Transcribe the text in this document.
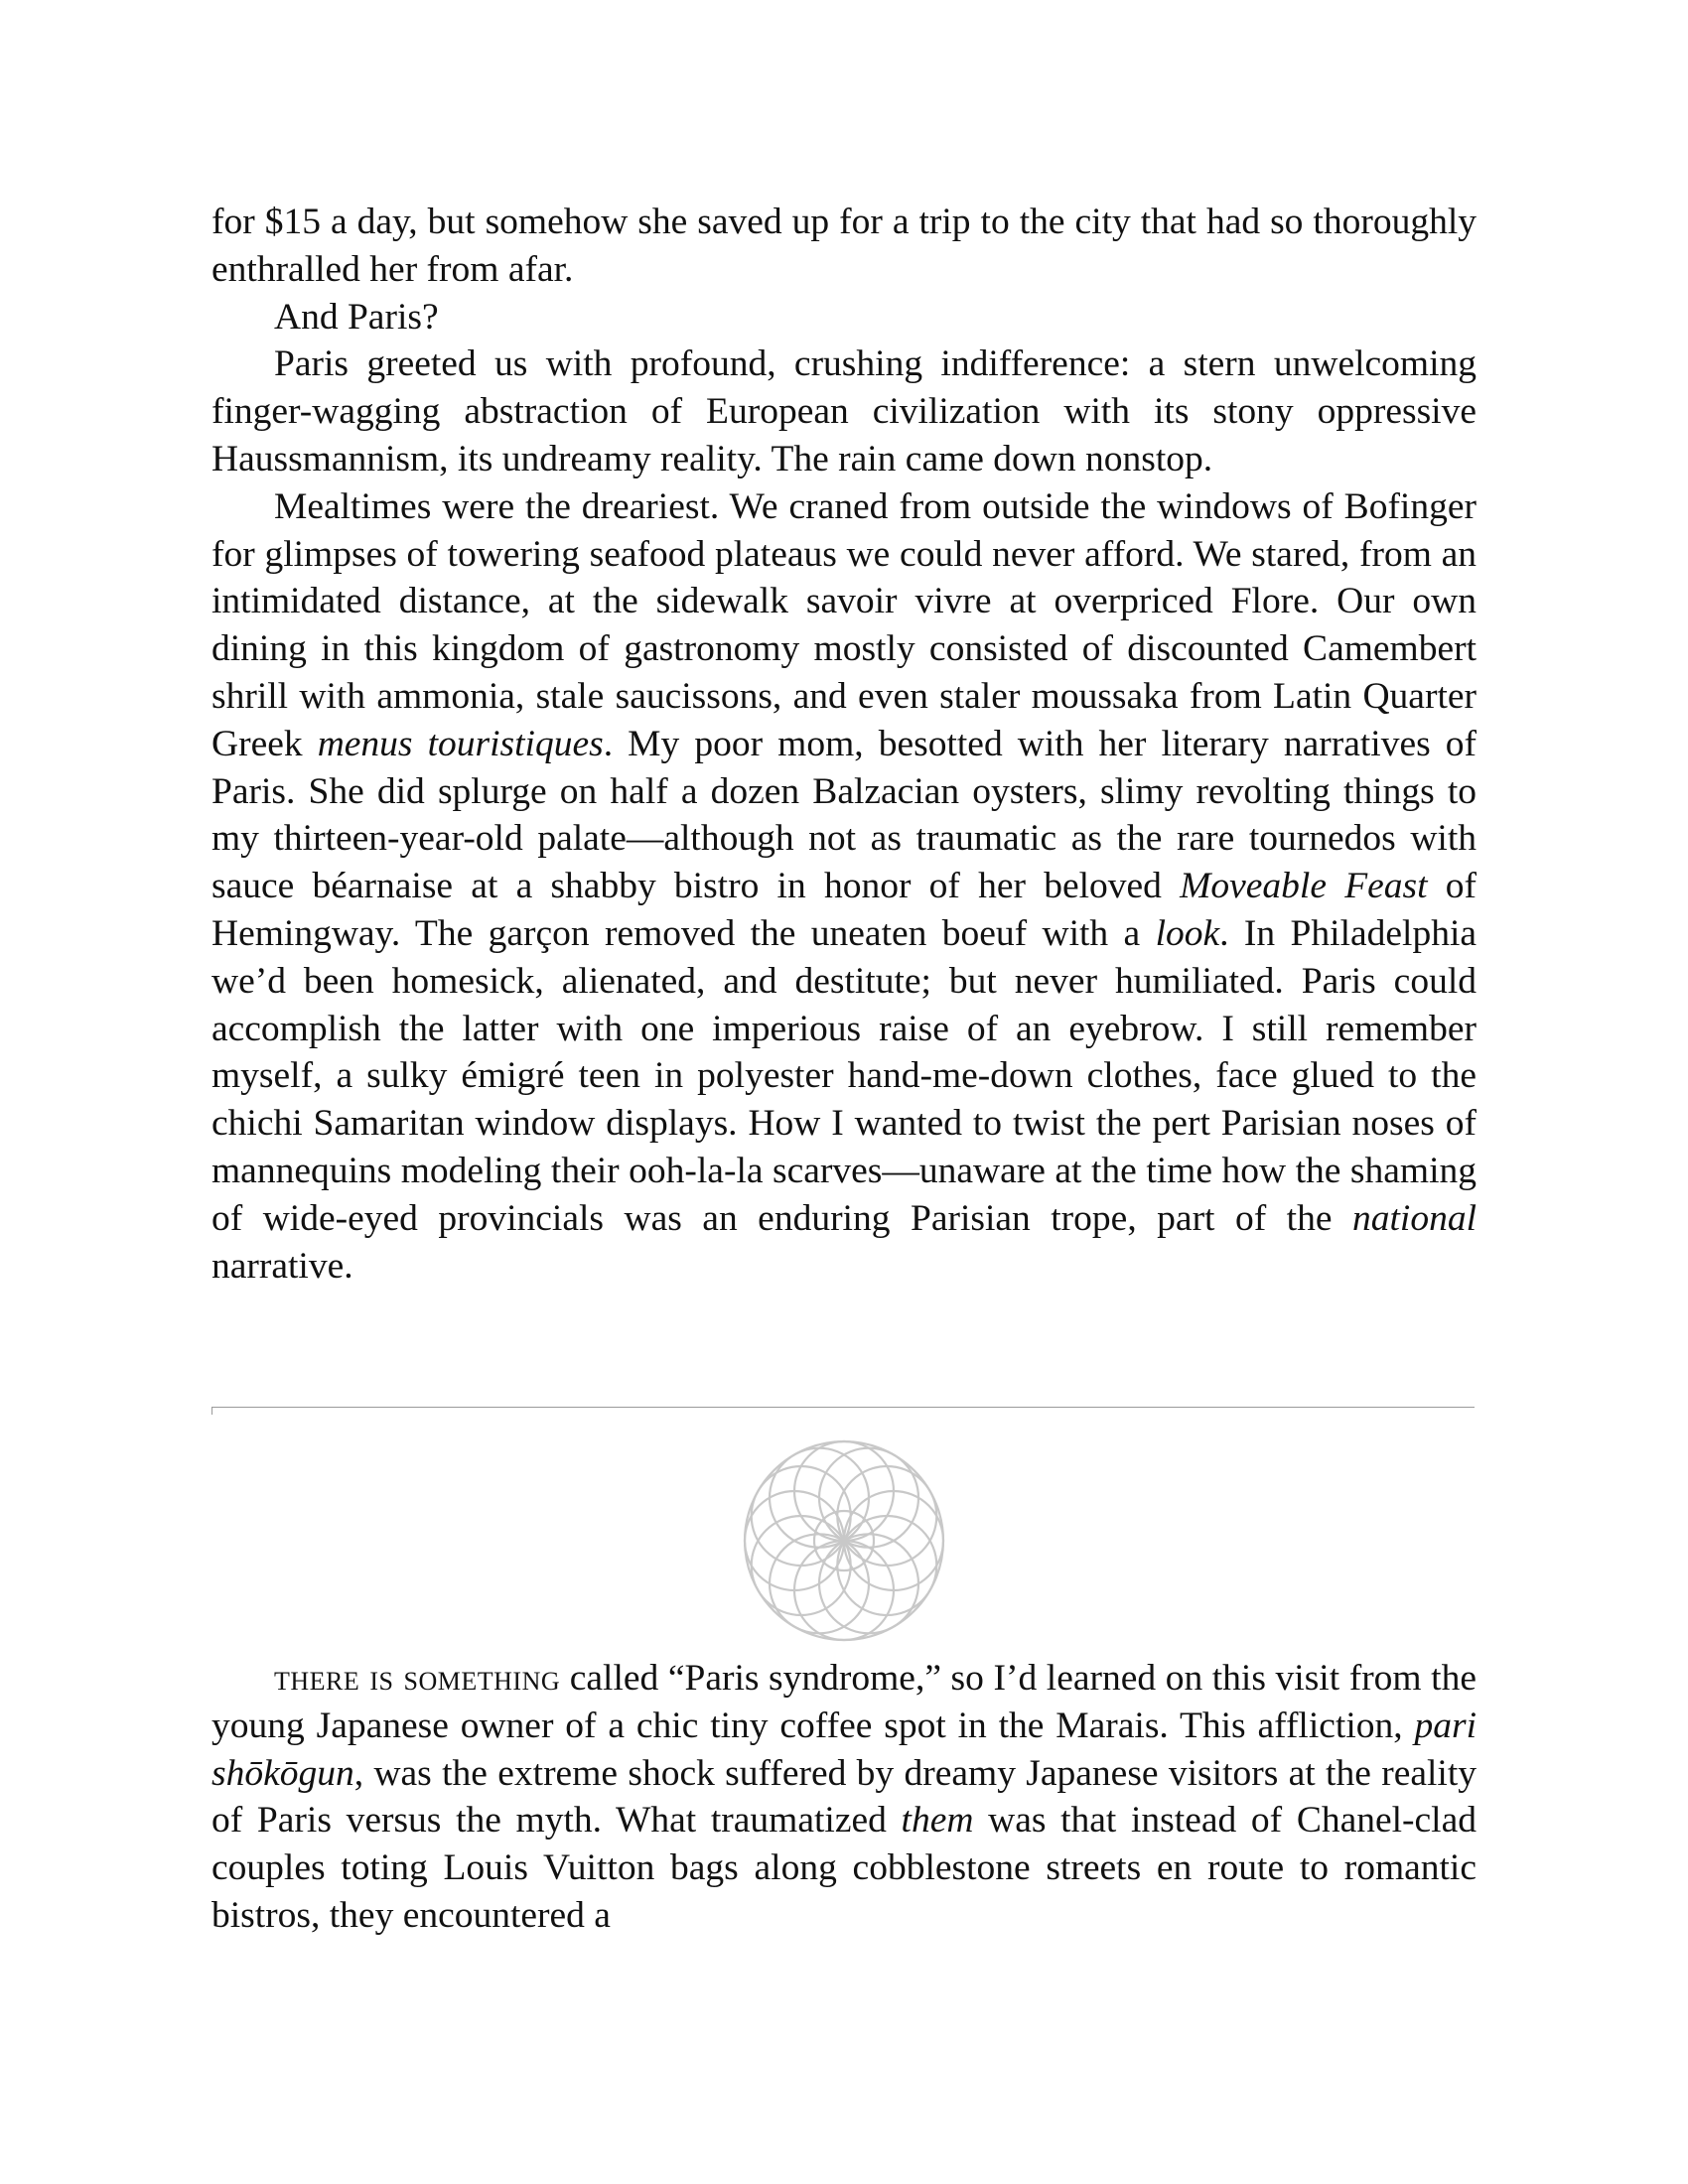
for $15 a day, but somehow she saved up for a trip to the city that had so thoroughly enthralled her from afar.

And Paris?

Paris greeted us with profound, crushing indifference: a stern unwelcoming finger-wagging abstraction of European civilization with its stony oppressive Haussmannism, its undreamy reality. The rain came down nonstop.

Mealtimes were the dreariest. We craned from outside the windows of Bofinger for glimpses of towering seafood plateaus we could never afford. We stared, from an intimidated distance, at the sidewalk savoir vivre at overpriced Flore. Our own dining in this kingdom of gastronomy mostly consisted of discounted Camembert shrill with ammonia, stale saucissons, and even staler moussaka from Latin Quarter Greek menus touristiques. My poor mom, besotted with her literary narratives of Paris. She did splurge on half a dozen Balzacian oysters, slimy revolting things to my thirteen-year-old palate—although not as traumatic as the rare tournedos with sauce béarnaise at a shabby bistro in honor of her beloved Moveable Feast of Hemingway. The garçon removed the uneaten boeuf with a look. In Philadelphia we’d been homesick, alienated, and destitute; but never humiliated. Paris could accomplish the latter with one imperious raise of an eyebrow. I still remember myself, a sulky émigré teen in polyester hand-me-down clothes, face glued to the chichi Samaritan window displays. How I wanted to twist the pert Parisian noses of mannequins modeling their ooh-la-la scarves—unaware at the time how the shaming of wide-eyed provincials was an enduring Parisian trope, part of the national narrative.

there is something called “Paris syndrome,” so I’d learned on this visit from the young Japanese owner of a chic tiny coffee spot in the Marais. This affliction, pari shōkōgun, was the extreme shock suffered by dreamy Japanese visitors at the reality of Paris versus the myth. What traumatized them was that instead of Chanel-clad couples toting Louis Vuitton bags along cobblestone streets en route to romantic bistros, they encountered a
